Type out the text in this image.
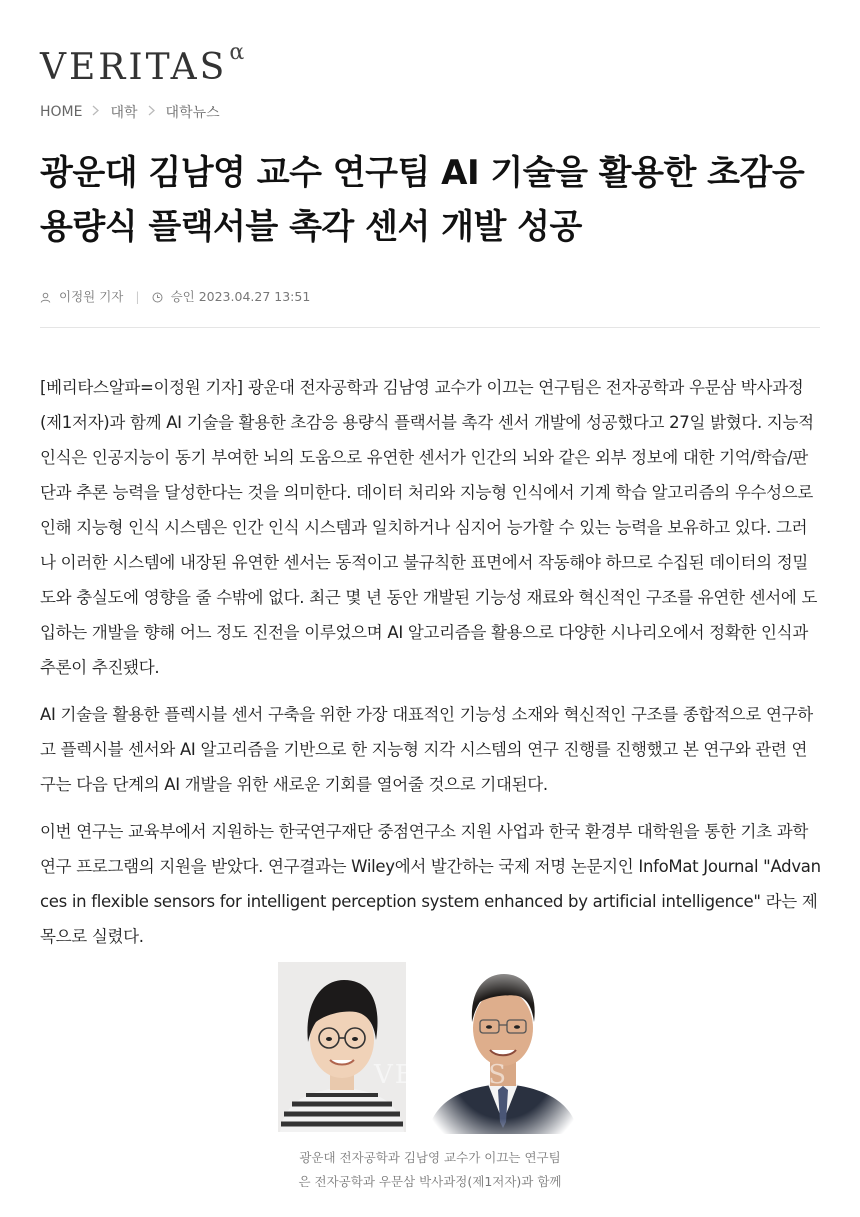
$VERITAS^\alpha$
HOME 대학 대학뉴스
광운대 김남영 교수 연구팀 AI 기술을 활용한 초감응 용량식 플랙서블 촉각 센서 개발 성공
이정원 기자 | 승인 2023.04.27 13:51

[베리타스알파=이정원 기자] 광운대 전자공학과 김남영 교수가 이끄는 연구팀은 전자공학과 우문삼 박사과정(제1저자)과 함께 AI 기술을 활용한 초감응 용량식 플랙서블 촉각 센서 개발에 성공했다고 27일 밝혔다. 지능적 인식은 인공지능이 동기 부여한 뇌의 도움으로 유연한 센서가 인간의 뇌와 같은 외부 정보에 대한 기억/학습/판단과 추론 능력을 달성한다는 것을 의미한다. 데이터 처리와 지능형 인식에서 기계 학습 알고리즘의 우수성으로 인해 지능형 인식 시스템은 인간 인식 시스템과 일치하거나 심지어 능가할 수 있는 능력을 보유하고 있다. 그러나 이러한 시스템에 내장된 유연한 센서는 동적이고 불규칙한 표면에서 작동해야 하므로 수집된 데이터의 정밀도와 충실도에 영향을 줄 수밖에 없다. 최근 몇 년 동안 개발된 기능성 재료와 혁신적인 구조를 유연한 센서에 도입하는 개발을 향해 어느 정도 진전을 이루었으며 AI 알고리즘을 활용으로 다양한 시나리오에서 정확한 인식과 추론이 추진됐다.

AI 기술을 활용한 플렉시블 센서 구축을 위한 가장 대표적인 기능성 소재와 혁신적인 구조를 종합적으로 연구하고 플렉시블 센서와 AI 알고리즘을 기반으로 한 지능형 지각 시스템의 연구 진행를 진행했고 본 연구와 관련 연구는 다음 단계의 AI 개발을 위한 새로운 기회를 열어줄 것으로 기대된다.

이번 연구는 교육부에서 지원하는 한국연구재단 중점연구소 지원 사업과 한국 환경부 대학원을 통한 기초 과학 연구 프로그램의 지원을 받았다. 연구결과는 Wiley에서 발간하는 국제 저명 논문지인 InfoMat Journal "Advances in flexible sensors for intelligent perception system enhanced by artificial intelligence" 라는 제목으로 실렸다.

VERITAS
광운대 전자공학과 김남영 교수가 이끄는 연구팀
은 전자공학과 우문삼 박사과정(제1저자)과 함께
